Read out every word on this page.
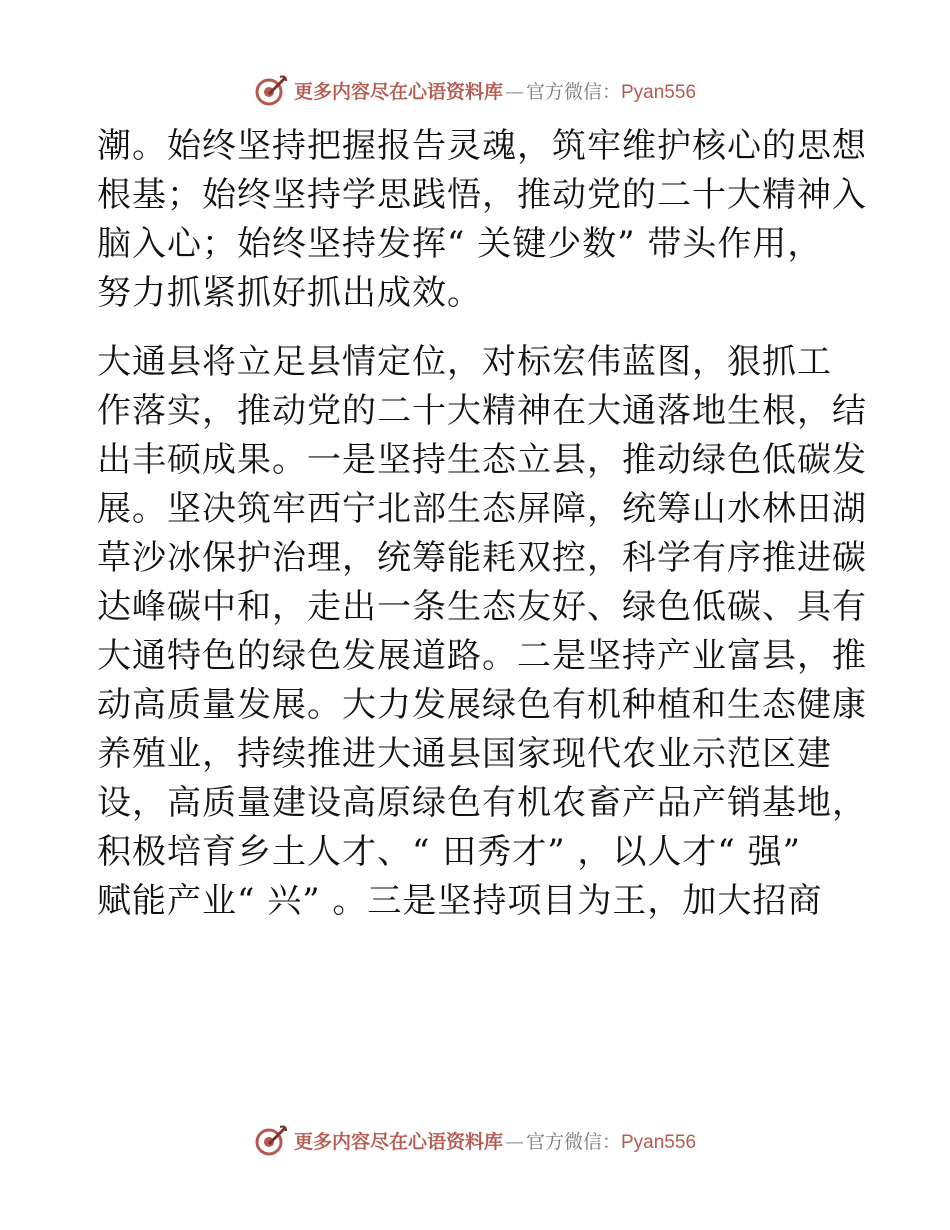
更多内容尽在心语资料库 — 官方微信： Pyan556

潮。始终坚持把握报告灵魂，筑牢维护核心的思想
根基；始终坚持学思践悟，推动党的二十大精神入
脑入心；始终坚持发挥“ 关键少数” 带头作用，
努力抓紧抓好抓出成效。

大通县将立足县情定位，对标宏伟蓝图，狠抓工
作落实，推动党的二十大精神在大通落地生根，结
出丰硕成果。一是坚持生态立县，推动绿色低碳发
展。坚决筑牢西宁北部生态屏障，统筹山水林田湖
草沙冰保护治理，统筹能耗双控，科学有序推进碳
达峰碳中和，走出一条生态友好、绿色低碳、具有
大通特色的绿色发展道路。二是坚持产业富县，推
动高质量发展。大力发展绿色有机种植和生态健康
养殖业，持续推进大通县国家现代农业示范区建
设，高质量建设高原绿色有机农畜产品产销基地，
积极培育乡土人才、“ 田秀才” ，以人才“ 强”
赋能产业“ 兴” 。三是坚持项目为王，加大招商

更多内容尽在心语资料库 — 官方微信： Pyan556
